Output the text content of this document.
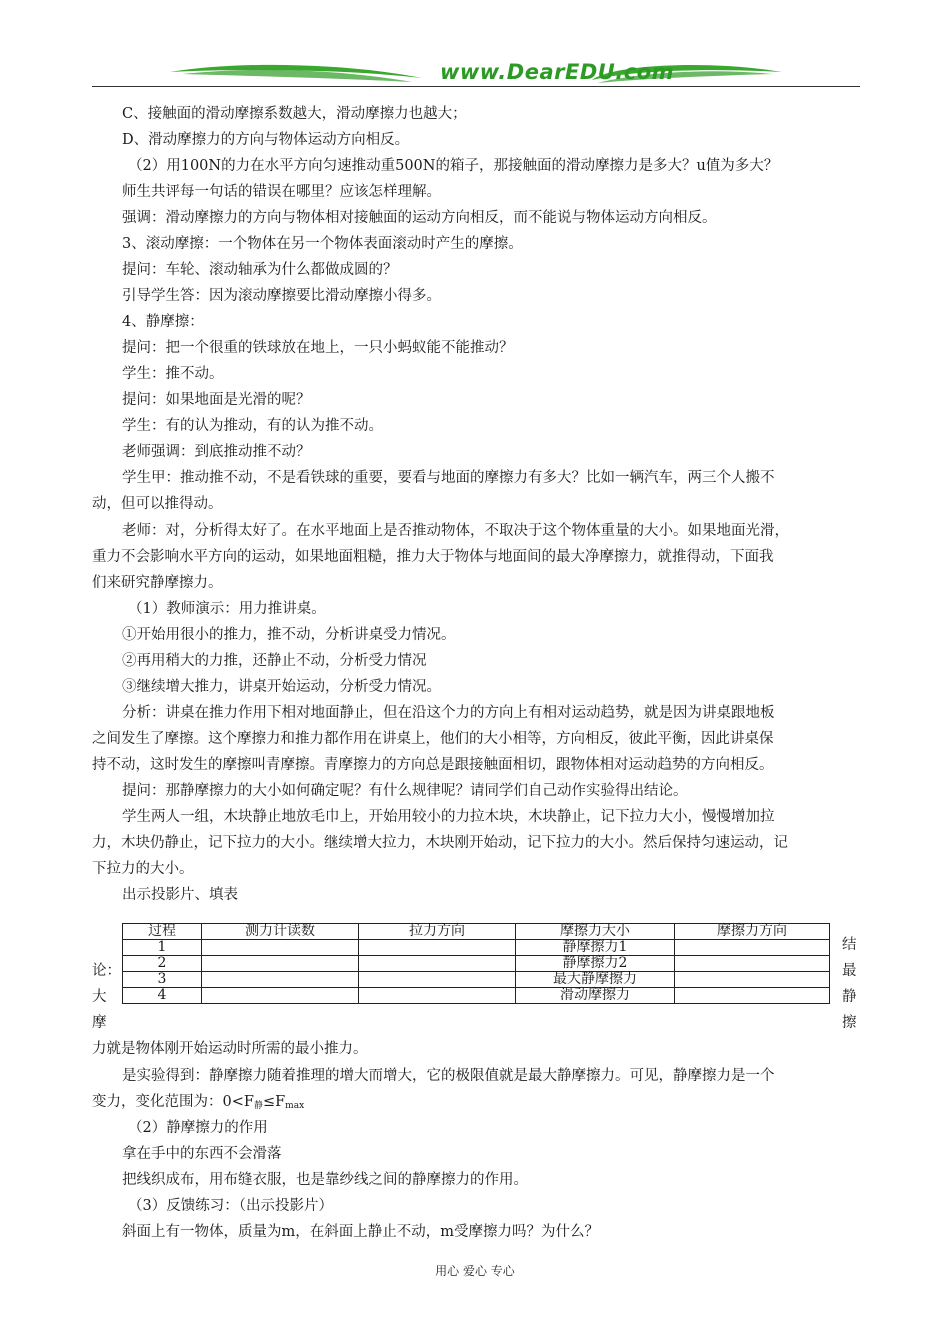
www.DearEDU.com
C、接触面的滑动摩擦系数越大，滑动摩擦力也越大；
D、滑动摩擦力的方向与物体运动方向相反。
（2）用100N的力在水平方向匀速推动重500N的箱子，那接触面的滑动摩擦力是多大？u值为多大？
师生共评每一句话的错误在哪里？应该怎样理解。
强调：滑动摩擦力的方向与物体相对接触面的运动方向相反，而不能说与物体运动方向相反。
3、滚动摩擦：一个物体在另一个物体表面滚动时产生的摩擦。
提问：车轮、滚动轴承为什么都做成圆的？
引导学生答：因为滚动摩擦要比滑动摩擦小得多。
4、静摩擦：
提问：把一个很重的铁球放在地上，一只小蚂蚁能不能推动？
学生：推不动。
提问：如果地面是光滑的呢？
学生：有的认为推动，有的认为推不动。
老师强调：到底推动推不动？
学生甲：推动推不动，不是看铁球的重要，要看与地面的摩擦力有多大？比如一辆汽车，两三个人搬不
动，但可以推得动。
老师：对，分析得太好了。在水平地面上是否推动物体，不取决于这个物体重量的大小。如果地面光滑，
重力不会影响水平方向的运动，如果地面粗糙，推力大于物体与地面间的最大净摩擦力，就推得动，下面我
们来研究静摩擦力。
（1）教师演示：用力推讲桌。
①开始用很小的推力，推不动，分析讲桌受力情况。
②再用稍大的力推，还静止不动，分析受力情况
③继续增大推力，讲桌开始运动，分析受力情况。
分析：讲桌在推力作用下相对地面静止，但在沿这个力的方向上有相对运动趋势，就是因为讲桌跟地板
之间发生了摩擦。这个摩擦力和推力都作用在讲桌上，他们的大小相等，方向相反，彼此平衡，因此讲桌保
持不动，这时发生的摩擦叫青摩擦。青摩擦力的方向总是跟接触面相切，跟物体相对运动趋势的方向相反。
提问：那静摩擦力的大小如何确定呢？有什么规律呢？请同学们自己动作实验得出结论。
学生两人一组，木块静止地放毛巾上，开始用较小的力拉木块，木块静止，记下拉力大小，慢慢增加拉
力，木块仍静止，记下拉力的大小。继续增大拉力，木块刚开始动，记下拉力的大小。然后保持匀速运动，记
下拉力的大小。
出示投影片、填表
过程	测力计读数	拉力方向	摩擦力大小	摩擦力方向
1			静摩擦力1	
2			静摩擦力2	
3			最大静摩擦力	
4			滑动摩擦力	
结
最
静
擦
论：
大
摩
力就是物体刚开始运动时所需的最小推力。
是实验得到：静摩擦力随着推理的增大而增大，它的极限值就是最大静摩擦力。可见，静摩擦力是一个
变力，变化范围为：$0<F_静\le F_{max}$
（2）静摩擦力的作用
拿在手中的东西不会滑落
把线织成布，用布缝衣服，也是靠纱线之间的静摩擦力的作用。
（3）反馈练习：（出示投影片）
斜面上有一物体，质量为m，在斜面上静止不动，m受摩擦力吗？为什么？
用心 爱心 专心
